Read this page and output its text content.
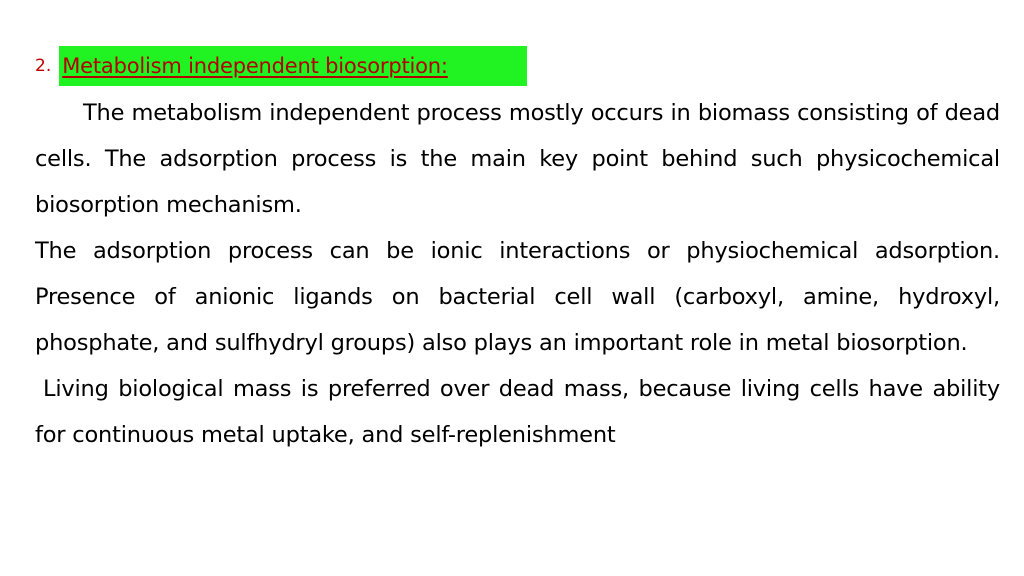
2. Metabolism independent biosorption:

The metabolism independent process mostly occurs in biomass consisting of dead cells. The adsorption process is the main key point behind such physicochemical biosorption mechanism.

The adsorption process can be ionic interactions or physiochemical adsorption. Presence of anionic ligands on bacterial cell wall (carboxyl, amine, hydroxyl, phosphate, and sulfhydryl groups) also plays an important role in metal biosorption.

Living biological mass is preferred over dead mass, because living cells have ability for continuous metal uptake, and self-replenishment
